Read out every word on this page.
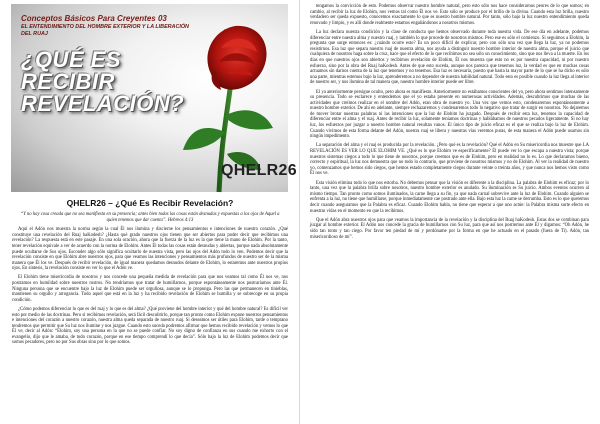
Conceptos Básicos Para Creyentes 03
EL ENTENDIMIENTO DEL HOMBRE EXTERIOR Y LA LIBERACIÓN DEL RUAJ
¿QUÉ ES RECIBIR
REVELACIÓN?
QHELR26
QHELR26 – ¿Qué Es Recibir Revelación?

“Y no hay cosa creada que no sea manifiesta en su presencia; antes bien todas las cosas están desnudas y expuestas a los ojos de Aquel a quien tenemos que dar cuenta”. Hebreos 4:13

Aquí el Adón nos muestra la norma según la cual Él nos ilumina y discierne los pensamientos e intenciones de nuestro corazón. ¿Qué constituye una revelación del Ruaj haKodesh? ¿Hasta qué grado nuestros ojos tienen que ser abiertos para poder decir que recibimos una revelación? La respuesta está en este pasaje. En una sola oración, ahora que la fuerza de la luz es la que tiene la mano de Elohim. Por la tanto, tener revelación equivale a ver de acuerdo con la norma de Elohim. Antes Él todas las cosas están desnudas y abiertas, porque nada absolutamente puede ocultarse de Sus ojos. Esconder algo sólo significa ocultarlo de nuestra vista, pero las ojos del Adón todo lo ven. Podemos decir que la revelación consiste en que Elohim abre nuestros ojos, para que veamos las intenciones y pensamientos más profundos de nuestro ser de la misma manera que Él los ve. Después de recibir revelación, de igual manera quedamos desnudos delante de Elohim, lo estaremos ante nuestros propios ojos. En síntesis, la revelación consiste en ver lo que el Adón ve.

El Elohim tiene misericordia de nosotros y nos concede una pequeña medida de revelación para que nos veamos tal como Él nos ve, nos postramos en humildad sobre nuestros rostros. No tendríamos que tratar de humillarnos, porque espontáneamente nos postraríamos ante Él. Ninguna persona que se encuentre bajo la luz de Elohim puede ser orgullosa, aunque se lo proponga. Pero las que permanecen en tinieblas, mantienen su orgullo y arrogancia. Todo aquel que está en la luz y ha recibido revelación de Elohim se humilla y se sobrecoge en su propia condición.

¿Cómo podemos diferenciar lo que es del ruaj y lo que es del alma? ¿Qué proviene del hombre interior y qué del hombre natural? Es difícil ver esto por medio de las doctrinas. Pero si recibimos revelación, será fácil descubrirlo, porque tan pronto como Elohim expone nuestros pensamientos e intenciones del corazón a nuestro corazón, nuestra alma queda separada de nuestro ruaj. Si deseamos ser útiles para Elohim, tarde o temprano tendremos que permitir que Su luz nos ilumine y nos juzgue. Cuando esto suceda podremos afirmar que hemos recibido revelación y vemos lo que Él ve, decir al Adón: “Elohim, soy una persona en la que no se puede confiar. No soy digno de confianza en sus cuando me exhorto con el evangelio, dijo que le amaba, de todo corazón, porque en ese tiempo comprendí lo que decía”. Sólo bajo la luz de Elohim podemos decir que somos pecadores, pero no por Sus obras sino por lo que somos.

tengamos la convicción de esto. Podemos observar nuestro hombre natural, pero esto sólo nos hace considerarnos peores de lo que somos; en cambio, al recibir la luz de Elohim, nos vemos tal como Él nos ve. Esto sólo se produce por el brillo de la divina. Cuando esta luz brilla, nuestro verdadero ser queda expuesto, conocemos exactamente lo que es nuestro hombre natural. Por tanto, sólo bajo la luz nuestro entendimiento queda renovado y limpio, y es allí donde realmente estamos engañándonos a nosotros mismos.

La luz declara nuestra condición y la clase de conducta que hemos observado durante toda nuestra vida. De ese día en adelante, podemos diferenciar entre nuestra alma y nuestro ruaj, y también lo que procede de nosotros mismos. Pero ese es sólo el comienzo. Si seguimos a Elohim, la pregunta que surge entonces es: ¿cuándo ocurre esto? Es un poco difícil de explicar, pero con sólo una vez que llega la luz, ya no podemos resistirnos. Esa luz que separa nuestro ruaj de nuestra alma, nos ayuda a distinguir nuestro hombre interior de nuestra alma, porque el juicio que cualquiera de nosotros haga sobre la cruz, hace que el efecto de lo que recibimos no sea sólo un conocimiento, sino que nos lleva a la muerte. En los días en que nuestros ojos son abiertos y recibimos revelación de Elohim, Él nos muestra que esto no es por nuestra capacidad, ni por nuestro esfuerzo, sino por la obra del Ruaj haKodesh. Antes de que esto suceda, aunque nos parezca que tenemos luz, la verdad es que en muchas cosas actuamos sin darnos cuenta de la luz que tenemos y no tenemos. Esa luz es necesaria, puesto que hasta la mayor parte de lo que se ha dicho es sólo una parte, mientras estemos bajo la luz, aprenderemos a no depender de nuestra habilidad natural. Todo esto es posible cuando la luz llega al interior de nuestro ser, y nos ilumina de tal manera que, nuestro hombre interior puede ser libre.

El ya anteriormente persigue oculto, pero ahora es manifiesto. Anteriormente no estábamos conscientes del yo, pero ahora sentimos intensamente su presencia. Todo se esclarece y entendemos que el yo estaba presente en numerosas actividades. Además, descubrimos que muchas de las actividades que creímos realizar en el nombre del Adón, eran obra de nuestro yo. Una vez que vemos esto, condenaremos espontáneamente a nuestro hombre exterior. De ahí en adelante, siempre rechazaremos y condenaremos todo lo negativo que tratar de surgir en nosotros. No dejaremos de mover brotar nuestras palabras ni las intenciones que la luz de Elohim ha juzgado. Después de recibir esta luz, tenemos la capacidad de diferenciar entre el alma y el ruaj. Antes de recibir la luz, solamente teníamos doctrinas y hablábamos de nuestros pecados ligeramente. Si no hay luz, los esfuerzos por juzgar a nuestro hombre natural resultan vanos. El único tipo de juicio eficaz es el que se realiza bajo la luz de Elohim. Cuando vivimos de esta forma delante del Adón, nuestra ruaj se libera y nuestras vías veremos puras, de esta manera el Adón puede usarnos sin ningún impedimento.

La separación del alma y el ruaj es producida por la revelación. ¿Pero qué es la revelación? Qué el Adón en Su misericordia nos muestre que LA REVELACIÓN ES VER LO QUE ELOHIM VE. ¿Qué es lo que Elohim ve específicamente? Él puede ver lo que escapa a nuestra vista; porque nuestros sistemas ciegos a todo lo que tiene de nosotros, porque creemos que es de Elohim, pero en realidad no lo es. Lo que declaramos bueno, correcto y espiritual, la luz nos demuestra que no todo lo contrario, que proviene de nosotros mismos y no de Elohim. Al ver la realidad de nuestro yo, comenzamos que hemos sido ciegos, que hemos estado completamente ciegos durante veinte o treinta años, y que nunca nos hemos visto como Él nos ve.

Esta visión elimina todo lo que nos estorba. No debemos pensar que la visión es diferente a la disciplina. La palabra de Elohim es eficaz; por lo tanto, una vez que la palabra brilla sobre nosotros, nuestro hombre exterior es anulado. Su iluminación es Su juicio. Ambos eventos ocurren al mismo tiempo. Tan pronto como somos iluminados, la carne llega a su fin, ya que nada carnal sobrevive ante la luz de Elohim. Cuando alguien se enfrenta a la luz, no tiene que humillarse, porque inmediatamente cae postrado ante ella. Bajo esta luz la carne se derrumba. Esto es lo que queremos decir cuando aseguramos que la Palabra es eficaz. Cuando Elohim habla, no tiene que esperar a que uno actúe: la Palabra misma surte efecto en nuestras vidas en el momento en que la recibimos.

Que el Adón abra nuestros ojos para que veamos la importancia de la revelación y la disciplina del Ruaj haKodesh. Estas dos se combinan para juzgar al hombre exterior. El Adón nos concede la gracia de humillarnos con Su luz, para que así nos postremos ante Él y digamos: “Oh Adón, he sido tan tonto y tan ciego. Por favor ten piedad de mí y perdóname por la forma en que he actuado en el pasado (fuera de Ti). Adón, tan misericordioso de mí”.
